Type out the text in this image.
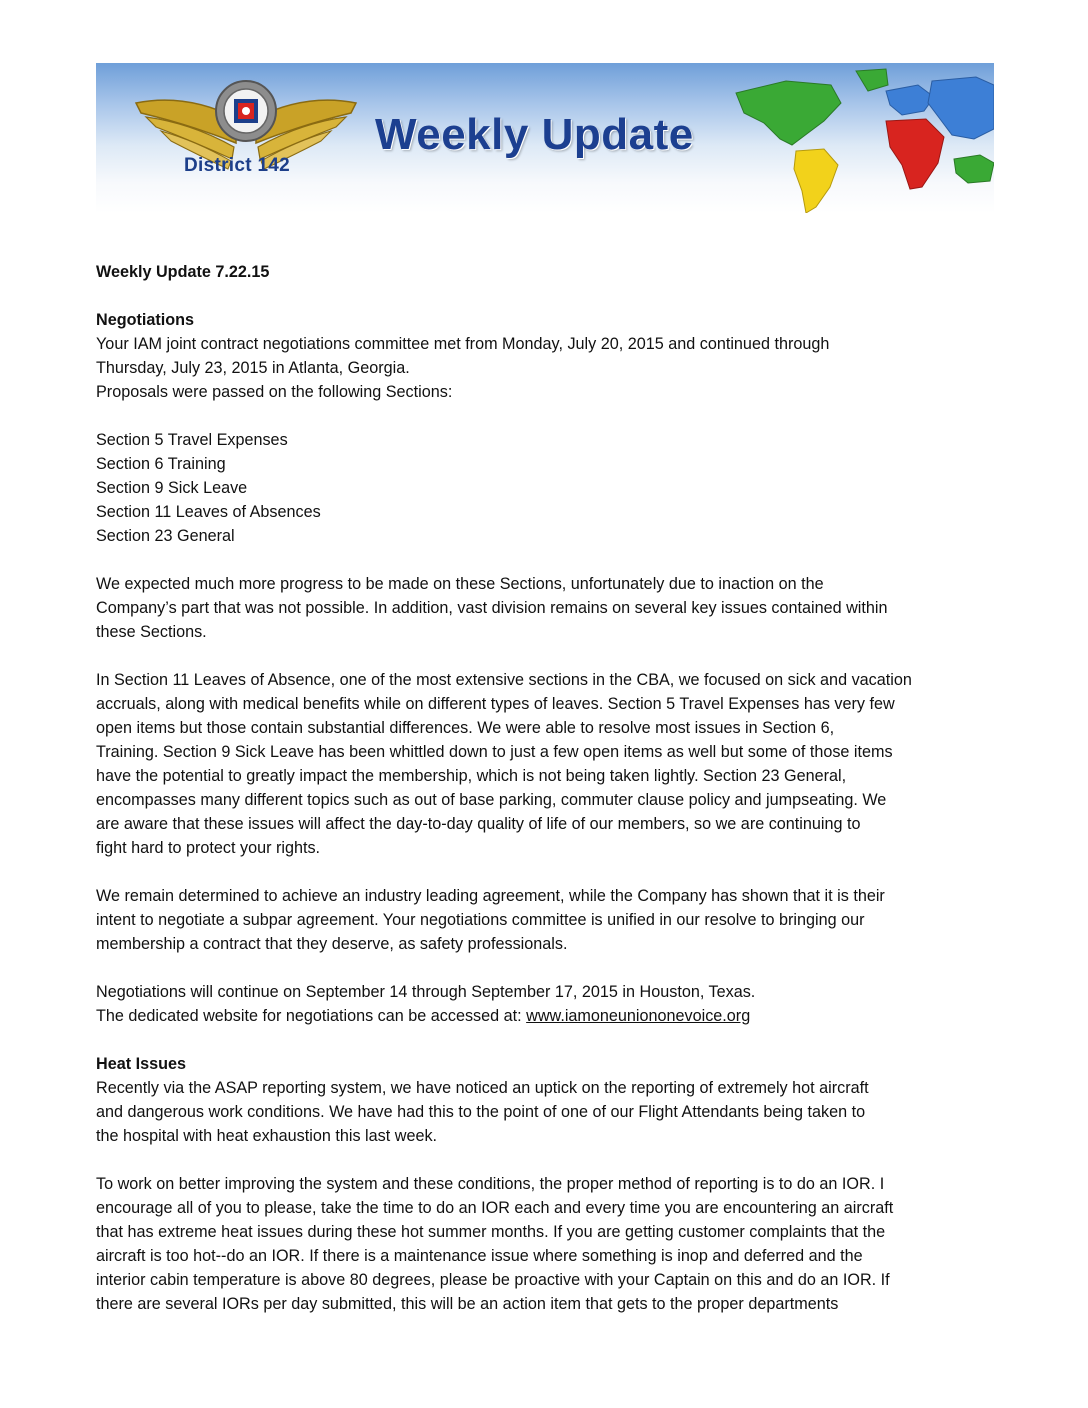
District 142
Weekly Update

Weekly Update 7.22.15

Negotiations

Your IAM joint contract negotiations committee met from Monday, July 20, 2015 and continued through
Thursday, July 23, 2015 in Atlanta, Georgia.
Proposals were passed on the following Sections:

Section 5 Travel Expenses
Section 6 Training
Section 9 Sick Leave
Section 11 Leaves of Absences
Section 23 General

We expected much more progress to be made on these Sections, unfortunately due to inaction on the
Company’s part that was not possible. In addition, vast division remains on several key issues contained within
these Sections.

In Section 11 Leaves of Absence, one of the most extensive sections in the CBA, we focused on sick and vacation
accruals, along with medical benefits while on different types of leaves. Section 5 Travel Expenses has very few
open items but those contain substantial differences. We were able to resolve most issues in Section 6,
Training. Section 9 Sick Leave has been whittled down to just a few open items as well but some of those items
have the potential to greatly impact the membership, which is not being taken lightly. Section 23 General,
encompasses many different topics such as out of base parking, commuter clause policy and jumpseating. We
are aware that these issues will affect the day-to-day quality of life of our members, so we are continuing to
fight hard to protect your rights.

We remain determined to achieve an industry leading agreement, while the Company has shown that it is their
intent to negotiate a subpar agreement. Your negotiations committee is unified in our resolve to bringing our
membership a contract that they deserve, as safety professionals.

Negotiations will continue on September 14 through September 17, 2015 in Houston, Texas.
The dedicated website for negotiations can be accessed at: www.iamoneuniononevoice.org

Heat Issues

Recently via the ASAP reporting system, we have noticed an uptick on the reporting of extremely hot aircraft
and dangerous work conditions. We have had this to the point of one of our Flight Attendants being taken to
the hospital with heat exhaustion this last week.

To work on better improving the system and these conditions, the proper method of reporting is to do an IOR. I
encourage all of you to please, take the time to do an IOR each and every time you are encountering an aircraft
that has extreme heat issues during these hot summer months. If you are getting customer complaints that the
aircraft is too hot--do an IOR. If there is a maintenance issue where something is inop and deferred and the
interior cabin temperature is above 80 degrees, please be proactive with your Captain on this and do an IOR. If
there are several IORs per day submitted, this will be an action item that gets to the proper departments
